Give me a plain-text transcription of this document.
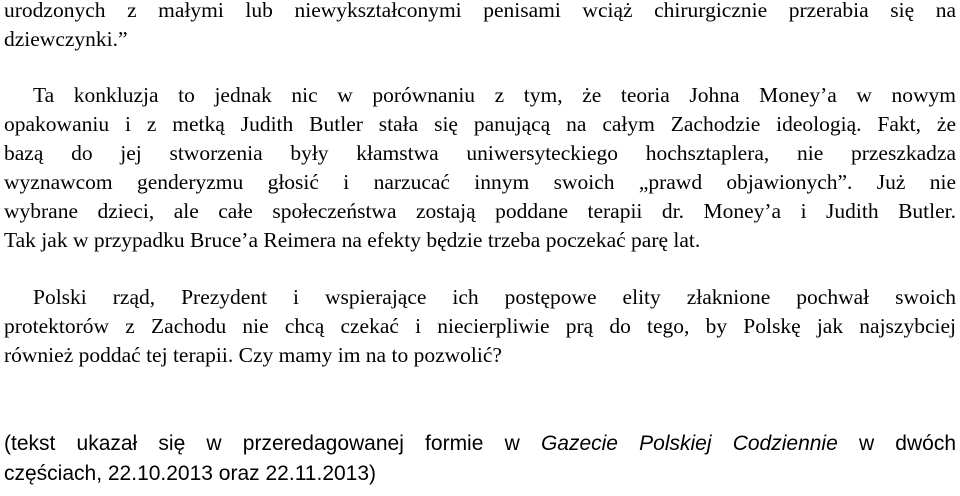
urodzonych z małymi lub niewykształconymi penisami wciąż chirurgicznie przerabia się na
dziewczynki.”

Ta konkluzja to jednak nic w porównaniu z tym, że teoria Johna Money’a w nowym
opakowaniu i z metką Judith Butler stała się panującą na całym Zachodzie ideologią. Fakt, że
bazą do jej stworzenia były kłamstwa uniwersyteckiego hochsztaplera, nie przeszkadza
wyznawcom genderyzmu głosić i narzucać innym swoich „prawd objawionych”. Już nie
wybrane dzieci, ale całe społeczeństwa zostają poddane terapii dr. Money’a i Judith Butler.
Tak jak w przypadku Bruce’a Reimera na efekty będzie trzeba poczekać parę lat.

Polski rząd, Prezydent i wspierające ich postępowe elity złaknione pochwał swoich
protektorów z Zachodu nie chcą czekać i niecierpliwie prą do tego, by Polskę jak najszybciej
również poddać tej terapii. Czy mamy im na to pozwolić?

(tekst ukazał się w przeredagowanej formie w Gazecie Polskiej Codziennie w dwóch
częściach, 22.10.2013 oraz 22.11.2013)
